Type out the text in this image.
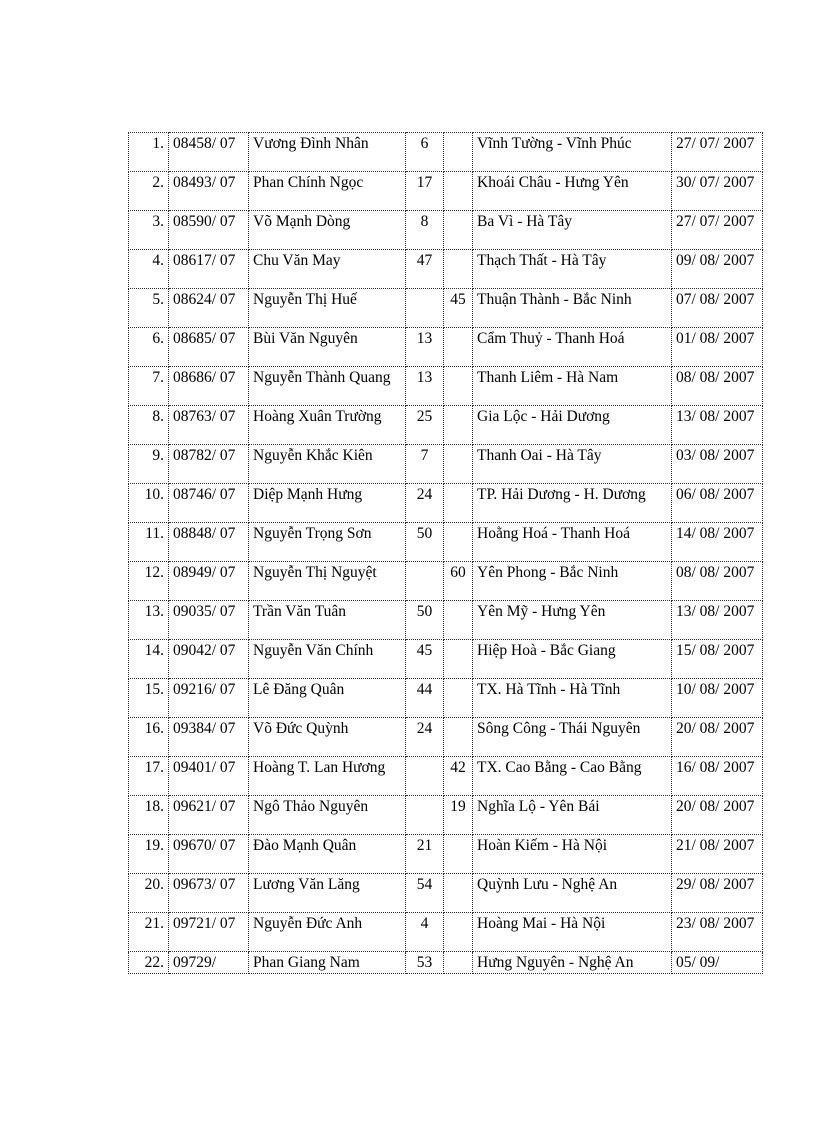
1.	08458/ 07	Vương Đình Nhân	6		Vĩnh Tường - Vĩnh Phúc	27/ 07/ 2007
2.	08493/ 07	Phan Chính Ngọc	17		Khoái Châu - Hưng Yên	30/ 07/ 2007
3.	08590/ 07	Võ Mạnh Dòng	8		Ba Vì - Hà Tây	27/ 07/ 2007
4.	08617/ 07	Chu Văn May	47		Thạch Thất - Hà Tây	09/ 08/ 2007
5.	08624/ 07	Nguyễn Thị Huế		45	Thuận Thành - Bắc Ninh	07/ 08/ 2007
6.	08685/ 07	Bùi Văn Nguyên	13		Cẩm Thuỷ - Thanh Hoá	01/ 08/ 2007
7.	08686/ 07	Nguyễn Thành Quang	13		Thanh Liêm - Hà Nam	08/ 08/ 2007
8.	08763/ 07	Hoàng Xuân Trường	25		Gia Lộc - Hải Dương	13/ 08/ 2007
9.	08782/ 07	Nguyễn Khắc Kiên	7		Thanh Oai - Hà Tây	03/ 08/ 2007
10.	08746/ 07	Diệp Mạnh Hưng	24		TP. Hải Dương - H. Dương	06/ 08/ 2007
11.	08848/ 07	Nguyễn Trọng Sơn	50		Hoằng Hoá - Thanh Hoá	14/ 08/ 2007
12.	08949/ 07	Nguyễn Thị Nguyệt		60	Yên Phong - Bắc Ninh	08/ 08/ 2007
13.	09035/ 07	Trần Văn Tuân	50		Yên Mỹ - Hưng Yên	13/ 08/ 2007
14.	09042/ 07	Nguyễn Văn Chính	45		Hiệp Hoà - Bắc Giang	15/ 08/ 2007
15.	09216/ 07	Lê Đăng Quân	44		TX. Hà Tĩnh - Hà Tĩnh	10/ 08/ 2007
16.	09384/ 07	Võ Đức Quỳnh	24		Sông Công - Thái Nguyên	20/ 08/ 2007
17.	09401/ 07	Hoàng T. Lan Hương		42	TX. Cao Bằng - Cao Bằng	16/ 08/ 2007
18.	09621/ 07	Ngô Thảo Nguyên		19	Nghĩa Lộ - Yên Bái	20/ 08/ 2007
19.	09670/ 07	Đào Mạnh Quân	21		Hoàn Kiếm - Hà Nội	21/ 08/ 2007
20.	09673/ 07	Lương Văn Lăng	54		Quỳnh Lưu - Nghệ An	29/ 08/ 2007
21.	09721/ 07	Nguyễn Đức Anh	4		Hoàng Mai - Hà Nội	23/ 08/ 2007
22.	09729/	Phan Giang Nam	53		Hưng Nguyên - Nghệ An	05/ 09/
